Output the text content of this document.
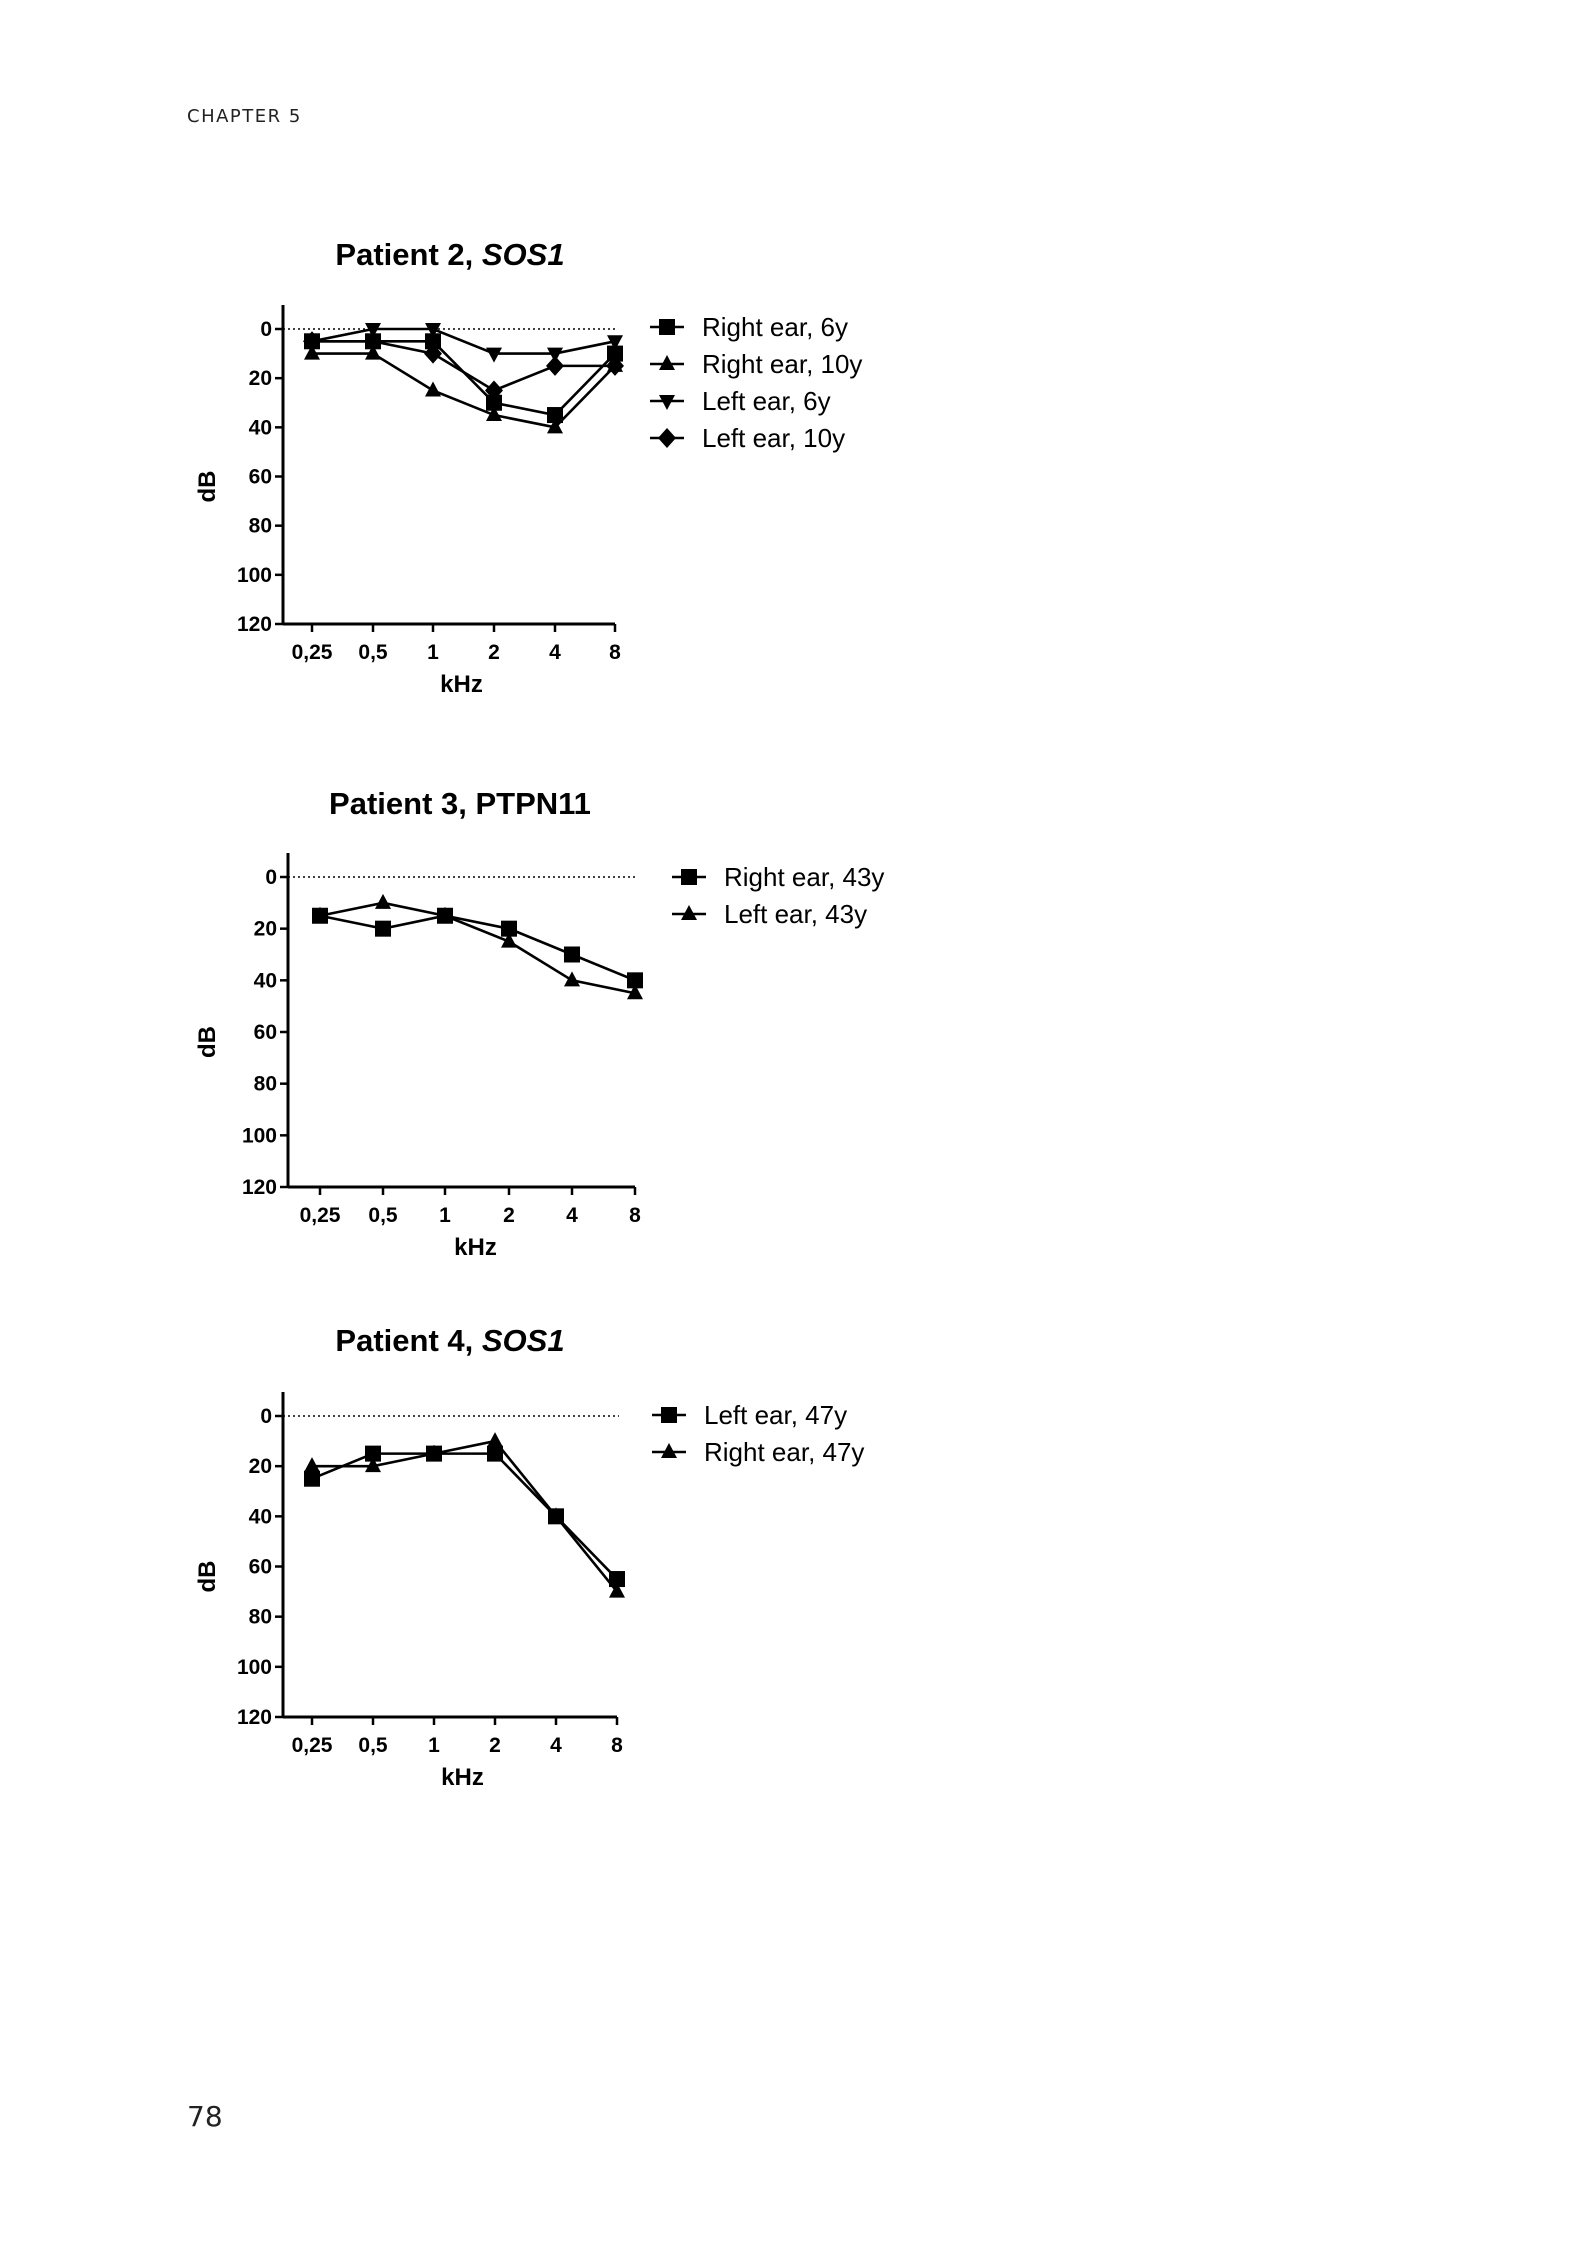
CHAPTER 5
Patient 2, SOS1
0
20
40
60
80
100
120
0,25 0,5 1 2 4 8
kHz
dB
Right ear, 6y
Right ear, 10y
Left ear, 6y
Left ear, 10y
Patient 3, PTPN11
0
20
40
60
80
100
120
0,25 0,5 1 2 4 8
kHz
dB
Right ear, 43y
Left ear, 43y
Patient 4, SOS1
0
20
40
60
80
100
120
0,25 0,5 1 2 4 8
kHz
dB
Left ear, 47y
Right ear, 47y
78
